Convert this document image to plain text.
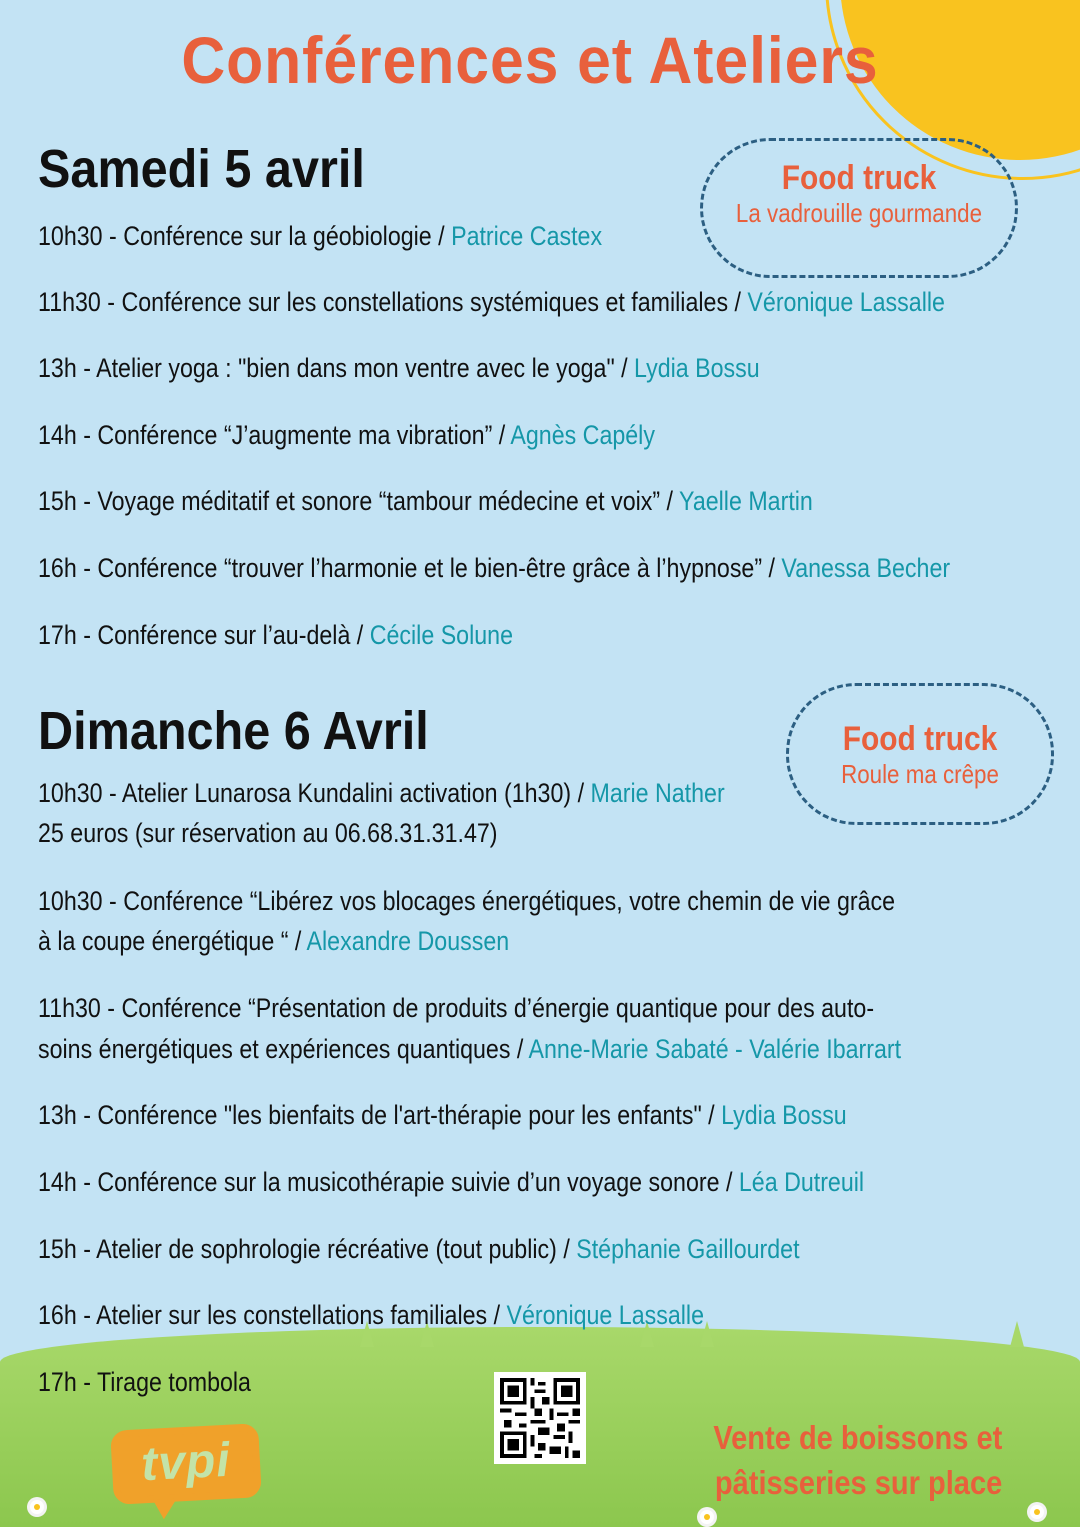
Conférences et Ateliers
Samedi 5 avril	Food truck
La vadrouille gourmande
10h30 - Conférence sur la géobiologie / Patrice Castex
11h30 - Conférence sur les constellations systémiques et familiales / Véronique Lassalle
13h - Atelier yoga : "bien dans mon ventre avec le yoga" / Lydia Bossu
14h - Conférence “J’augmente ma vibration” / Agnès Capély
15h - Voyage méditatif et sonore “tambour médecine et voix” / Yaelle Martin
16h - Conférence “trouver l’harmonie et le bien-être grâce à l’hypnose” / Vanessa Becher
17h - Conférence sur l’au-delà / Cécile Solune
Dimanche 6 Avril	Food truck
Roule ma crêpe
10h30 - Atelier Lunarosa Kundalini activation (1h30) / Marie Nather
25 euros (sur réservation au 06.68.31.31.47)
10h30 - Conférence “Libérez vos blocages énergétiques, votre chemin de vie grâce
à la coupe énergétique “ / Alexandre Doussen
11h30 - Conférence “Présentation de produits d’énergie quantique pour des auto-
soins énergétiques et expériences quantiques / Anne-Marie Sabaté - Valérie Ibarrart
13h - Conférence "les bienfaits de l'art-thérapie pour les enfants" / Lydia Bossu
14h - Conférence sur la musicothérapie suivie d’un voyage sonore / Léa Dutreuil
15h - Atelier de sophrologie récréative (tout public) / Stéphanie Gaillourdet
16h - Atelier sur les constellations familiales / Véronique Lassalle
17h - Tirage tombola
tvpi	Vente de boissons et
pâtisseries sur place
